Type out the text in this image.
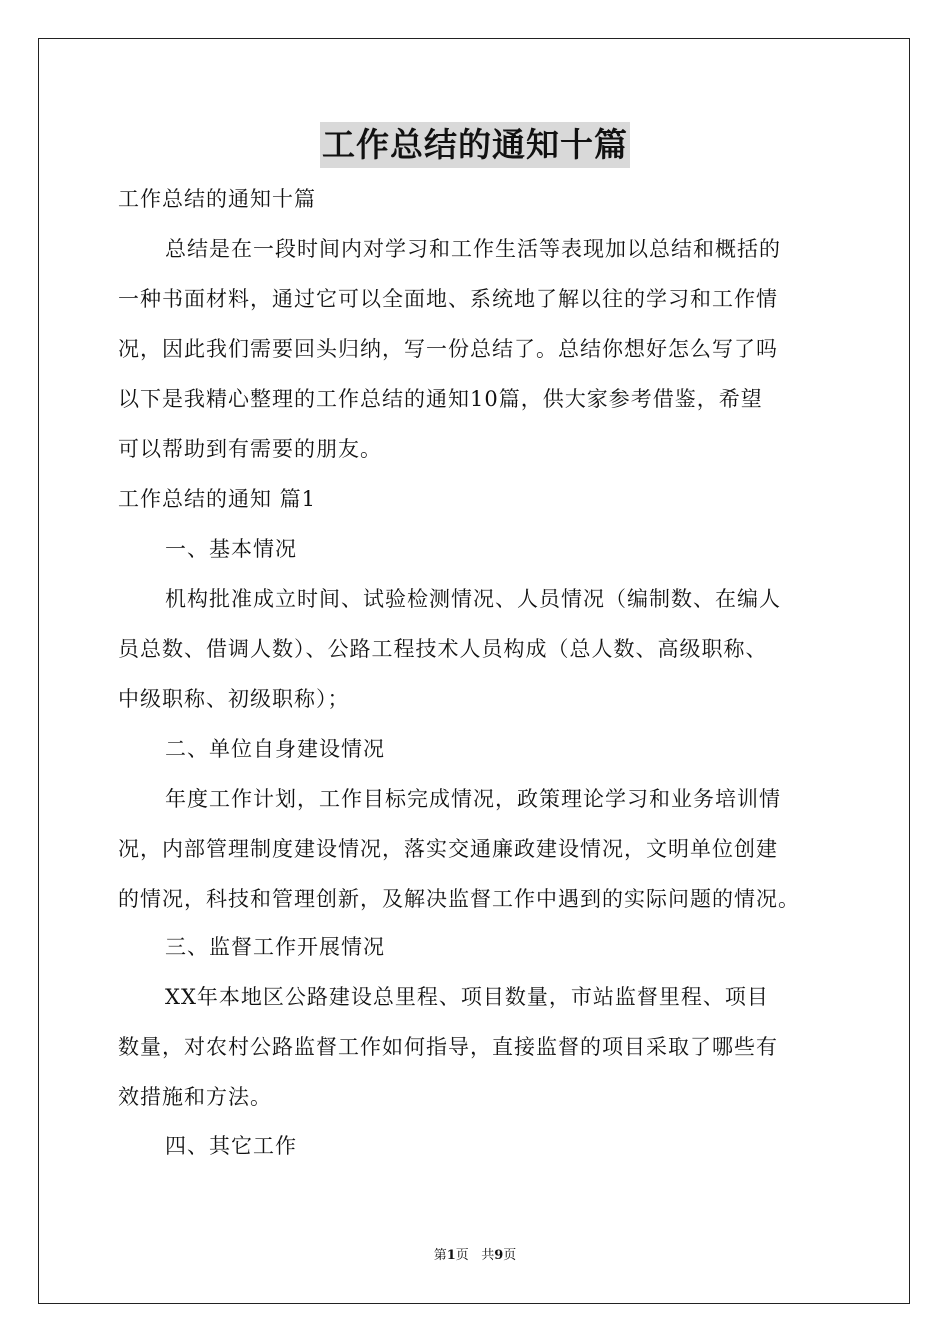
工作总结的通知十篇
工作总结的通知十篇
总结是在一段时间内对学习和工作生活等表现加以总结和概括的
一种书面材料，通过它可以全面地、系统地了解以往的学习和工作情
况，因此我们需要回头归纳，写一份总结了。总结你想好怎么写了吗
以下是我精心整理的工作总结的通知10篇，供大家参考借鉴，希望
可以帮助到有需要的朋友。
工作总结的通知 篇1
一、基本情况
机构批准成立时间、试验检测情况、人员情况（编制数、在编人
员总数、借调人数）、公路工程技术人员构成（总人数、高级职称、
中级职称、初级职称）；
二、单位自身建设情况
年度工作计划，工作目标完成情况，政策理论学习和业务培训情
况，内部管理制度建设情况，落实交通廉政建设情况，文明单位创建
的情况，科技和管理创新，及解决监督工作中遇到的实际问题的情况。
三、监督工作开展情况
XX年本地区公路建设总里程、项目数量，市站监督里程、项目
数量，对农村公路监督工作如何指导，直接监督的项目采取了哪些有
效措施和方法。
四、其它工作
第1页 共9页
